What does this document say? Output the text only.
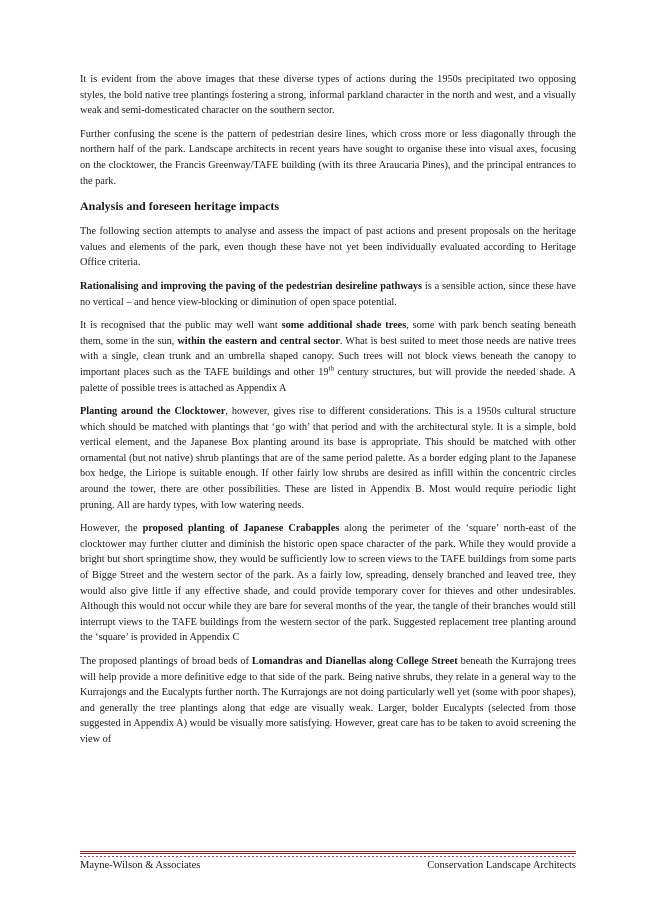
It is evident from the above images that these diverse types of actions during the 1950s precipitated two opposing styles, the bold native tree plantings fostering a strong, informal parkland character in the north and west, and a visually weak and semi-domesticated character on the southern sector.

Further confusing the scene is the pattern of pedestrian desire lines, which cross more or less diagonally through the northern half of the park. Landscape architects in recent years have sought to organise these into visual axes, focusing on the clocktower, the Francis Greenway/TAFE building (with its three Araucaria Pines), and the principal entrances to the park.

Analysis and foreseen heritage impacts

The following section attempts to analyse and assess the impact of past actions and present proposals on the heritage values and elements of the park, even though these have not yet been individually evaluated according to Heritage Office criteria.

Rationalising and improving the paving of the pedestrian desireline pathways is a sensible action, since these have no vertical – and hence view-blocking or diminution of open space potential.

It is recognised that the public may well want some additional shade trees, some with park bench seating beneath them, some in the sun, within the eastern and central sector. What is best suited to meet those needs are native trees with a single, clean trunk and an umbrella shaped canopy. Such trees will not block views beneath the canopy to important places such as the TAFE buildings and other 19th century structures, but will provide the needed shade. A palette of possible trees is attached as Appendix A

Planting around the Clocktower, however, gives rise to different considerations. This is a 1950s cultural structure which should be matched with plantings that ‘go with’ that period and with the architectural style. It is a simple, bold vertical element, and the Japanese Box planting around its base is appropriate. This should be matched with other ornamental (but not native) shrub plantings that are of the same period palette. As a border edging plant to the Japanese box hedge, the Liriope is suitable enough. If other fairly low shrubs are desired as infill within the concentric circles around the tower, there are other possibilities. These are listed in Appendix B. Most would require periodic light pruning. All are hardy types, with low watering needs.

However, the proposed planting of Japanese Crabapples along the perimeter of the ‘square’ north-east of the clocktower may further clutter and diminish the historic open space character of the park. While they would provide a bright but short springtime show, they would be sufficiently low to screen views to the TAFE buildings from some parts of Bigge Street and the western sector of the park. As a fairly low, spreading, densely branched and leaved tree, they would also give little if any effective shade, and could provide temporary cover for thieves and other undesirables. Although this would not occur while they are bare for several months of the year, the tangle of their branches would still interrupt views to the TAFE buildings from the western sector of the park. Suggested replacement tree planting around the ‘square’ is provided in Appendix C

The proposed plantings of broad beds of Lomandras and Dianellas along College Street beneath the Kurrajong trees will help provide a more definitive edge to that side of the park. Being native shrubs, they relate in a general way to the Kurrajongs and the Eucalypts further north. The Kurrajongs are not doing particularly well yet (some with poor shapes), and generally the tree plantings along that edge are visually weak. Larger, bolder Eucalypts (selected from those suggested in Appendix A) would be visually more satisfying. However, great care has to be taken to avoid screening the view of

Mayne-Wilson & Associates	Conservation Landscape Architects
